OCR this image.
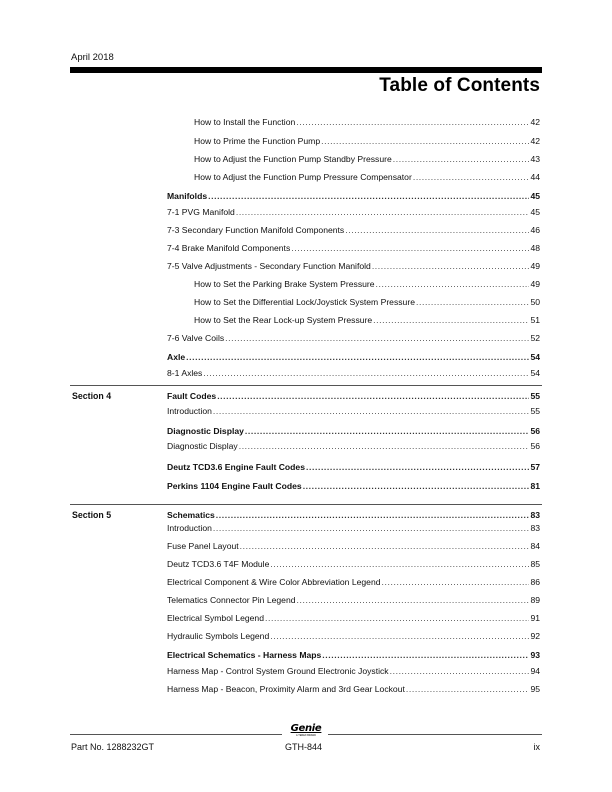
April 2018
Table of Contents
How to Install the Function .....	42
How to Prime the Function Pump .....	42
How to Adjust the Function Pump Standby Pressure .....	43
How to Adjust the Function Pump Pressure Compensator .....	44
Manifolds .....	45
7-1 PVG Manifold .....	45
7-3 Secondary Function Manifold Components .....	46
7-4 Brake Manifold Components .....	48
7-5 Valve Adjustments - Secondary Function Manifold .....	49
How to Set the Parking Brake System Pressure .....	49
How to Set the Differential Lock/Joystick System Pressure .....	50
How to Set the Rear Lock-up System Pressure .....	51
7-6 Valve Coils .....	52
Axle .....	54
8-1 Axles .....	54
Section 4	Fault Codes .....	55
Introduction .....	55
Diagnostic Display .....	56
Diagnostic Display .....	56
Deutz TCD3.6 Engine Fault Codes .....	57
Perkins 1104 Engine Fault Codes .....	81
Section 5	Schematics .....	83
Introduction .....	83
Fuse Panel Layout .....	84
Deutz TCD3.6 T4F Module .....	85
Electrical Component & Wire Color Abbreviation Legend .....	86
Telematics Connector Pin Legend .....	89
Electrical Symbol Legend .....	91
Hydraulic Symbols Legend .....	92
Electrical Schematics - Harness Maps .....	93
Harness Map - Control System Ground Electronic Joystick .....	94
Harness Map - Beacon, Proximity Alarm and 3rd Gear Lockout .....	95
Genie
A TEREX BRAND
Part No. 1288232GT	GTH-844	ix
